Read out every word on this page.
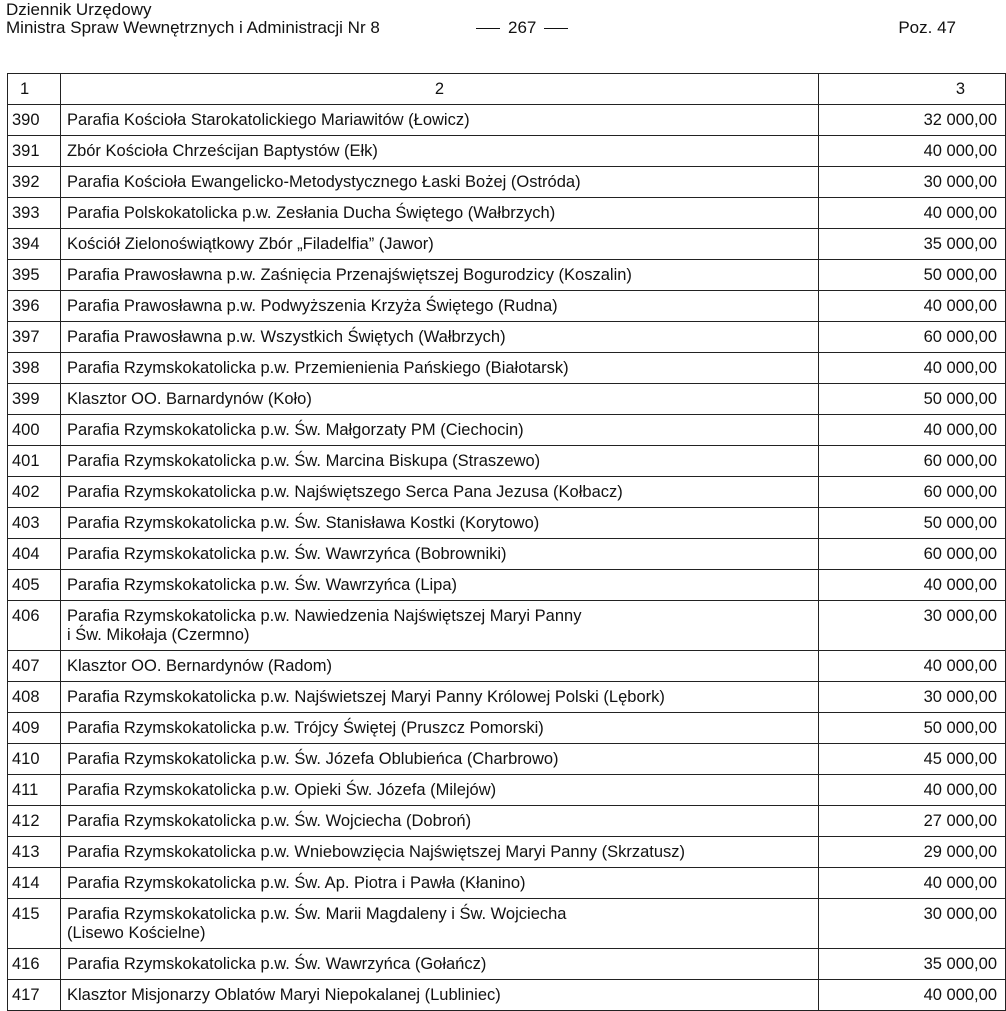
Dziennik Urzędowy
Ministra Spraw Wewnętrznych i Administracji Nr 8	267	Poz. 47
1	2	3
390	Parafia Kościoła Starokatolickiego Mariawitów (Łowicz)	32 000,00
391	Zbór Kościoła Chrześcijan Baptystów (Ełk)	40 000,00
392	Parafia Kościoła Ewangelicko-Metodystycznego Łaski Bożej (Ostróda)	30 000,00
393	Parafia Polskokatolicka p.w. Zesłania Ducha Świętego (Wałbrzych)	40 000,00
394	Kościół Zielonoświątkowy Zbór „Filadelfia” (Jawor)	35 000,00
395	Parafia Prawosławna p.w. Zaśnięcia Przenajświętszej Bogurodzicy (Koszalin)	50 000,00
396	Parafia Prawosławna p.w. Podwyższenia Krzyża Świętego (Rudna)	40 000,00
397	Parafia Prawosławna p.w. Wszystkich Świętych (Wałbrzych)	60 000,00
398	Parafia Rzymskokatolicka p.w. Przemienienia Pańskiego (Białotarsk)	40 000,00
399	Klasztor OO. Barnardynów (Koło)	50 000,00
400	Parafia Rzymskokatolicka p.w. Św. Małgorzaty PM (Ciechocin)	40 000,00
401	Parafia Rzymskokatolicka p.w. Św. Marcina Biskupa (Straszewo)	60 000,00
402	Parafia Rzymskokatolicka p.w. Najświętszego Serca Pana Jezusa (Kołbacz)	60 000,00
403	Parafia Rzymskokatolicka p.w. Św. Stanisława Kostki (Korytowo)	50 000,00
404	Parafia Rzymskokatolicka p.w. Św. Wawrzyńca (Bobrowniki)	60 000,00
405	Parafia Rzymskokatolicka p.w. Św. Wawrzyńca (Lipa)	40 000,00
406	Parafia Rzymskokatolicka p.w. Nawiedzenia Najświętszej Maryi Panny
i Św. Mikołaja (Czermno)	30 000,00
407	Klasztor OO. Bernardynów (Radom)	40 000,00
408	Parafia Rzymskokatolicka p.w. Najświetszej Maryi Panny Królowej Polski (Lębork)	30 000,00
409	Parafia Rzymskokatolicka p.w. Trójcy Świętej (Pruszcz Pomorski)	50 000,00
410	Parafia Rzymskokatolicka p.w. Św. Józefa Oblubieńca (Charbrowo)	45 000,00
411	Parafia Rzymskokatolicka p.w. Opieki Św. Józefa (Milejów)	40 000,00
412	Parafia Rzymskokatolicka p.w. Św. Wojciecha (Dobroń)	27 000,00
413	Parafia Rzymskokatolicka p.w. Wniebowzięcia Najświętszej Maryi Panny (Skrzatusz)	29 000,00
414	Parafia Rzymskokatolicka p.w. Św. Ap. Piotra i Pawła (Kłanino)	40 000,00
415	Parafia Rzymskokatolicka p.w. Św. Marii Magdaleny i Św. Wojciecha
(Lisewo Kościelne)	30 000,00
416	Parafia Rzymskokatolicka p.w. Św. Wawrzyńca (Gołańcz)	35 000,00
417	Klasztor Misjonarzy Oblatów Maryi Niepokalanej (Lubliniec)	40 000,00
